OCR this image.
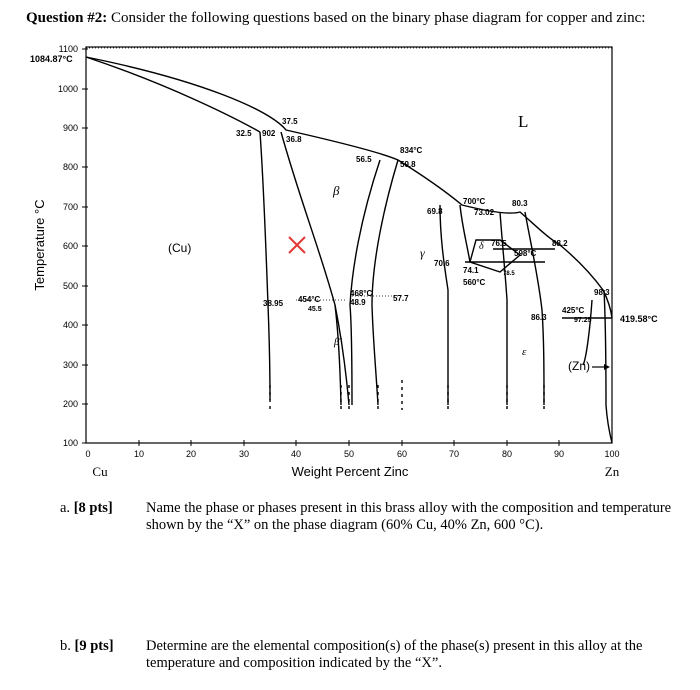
Question #2: Consider the following questions based on the binary phase diagram for copper and zinc:
1100
1000
900
800
700
600
500
400
300
200
100
0	10	20	30	40	50	60	70	80	90	100
Cu	Weight Percent Zinc	Zn
Temperature °C
L
(Cu)
(Zn)
β
β'
γ	δ
ε
1084.87°C
419.58°C
37.5
32.5 902
36.8
834°C
56.5
59.8
700°C
69.8	73.02
80.3
76.5
598°C
88.2
70.6
74.1	78.5
560°C
38.95 454°C
45.5
468°C
48.9	57.7
86.3
425°C
97.25
98.3
a. [8 pts]	Name the phase or phases present in this brass alloy with the composition and temperature shown by the “X” on the phase diagram (60% Cu, 40% Zn, 600 °C).
b. [9 pts]	Determine are the elemental composition(s) of the phase(s) present in this alloy at the temperature and composition indicated by the “X”.
